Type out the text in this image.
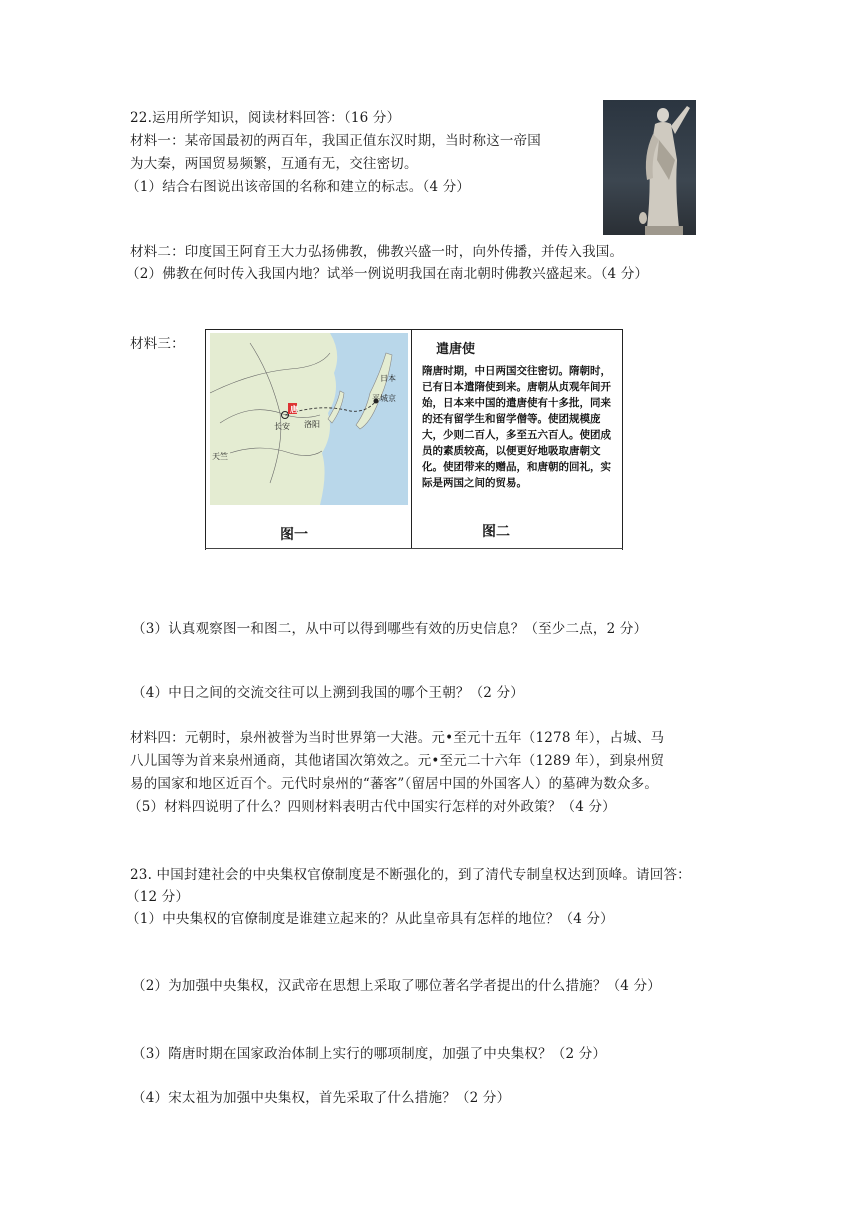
22.运用所学知识，阅读材料回答：（16 分）
材料一：某帝国最初的两百年，我国正值东汉时期，当时称这一帝国
为大秦，两国贸易频繁，互通有无，交往密切。
（1）结合右图说出该帝国的名称和建立的标志。（4 分）
材料二：印度国王阿育王大力弘扬佛教，佛教兴盛一时，向外传播，并传入我国。
（2）佛教在何时传入我国内地？试举一例说明我国在南北朝时佛教兴盛起来。（4 分）
材料三：
唐
长安 洛阳
日本
平城京
天竺
遣唐使
隋唐时期，中日两国交往密切。隋朝时，已有日本遣隋使到来。唐朝从贞观年间开始，日本来中国的遣唐使有十多批，同来的还有留学生和留学僧等。使团规模庞大，少则二百人，多至五六百人。使团成员的素质较高，以便更好地吸取唐朝文化。使团带来的赠品，和唐朝的回礼，实际是两国之间的贸易。
图一	图二
（3）认真观察图一和图二，从中可以得到哪些有效的历史信息？（至少二点，2 分）
（4）中日之间的交流交往可以上溯到我国的哪个王朝？（2 分）
材料四：元朝时，泉州被誉为当时世界第一大港。元•至元十五年（1278 年），占城、马
八儿国等为首来泉州通商，其他诸国次第效之。元•至元二十六年（1289 年），到泉州贸
易的国家和地区近百个。元代时泉州的“蕃客”（留居中国的外国客人）的墓碑为数众多。
（5）材料四说明了什么？四则材料表明古代中国实行怎样的对外政策？（4 分）
23. 中国封建社会的中央集权官僚制度是不断强化的，到了清代专制皇权达到顶峰。请回答：
（12 分）
（1）中央集权的官僚制度是谁建立起来的？从此皇帝具有怎样的地位？（4 分）
（2）为加强中央集权，汉武帝在思想上采取了哪位著名学者提出的什么措施？（4 分）
（3）隋唐时期在国家政治体制上实行的哪项制度，加强了中央集权？（2 分）
（4）宋太祖为加强中央集权，首先采取了什么措施？（2 分）
